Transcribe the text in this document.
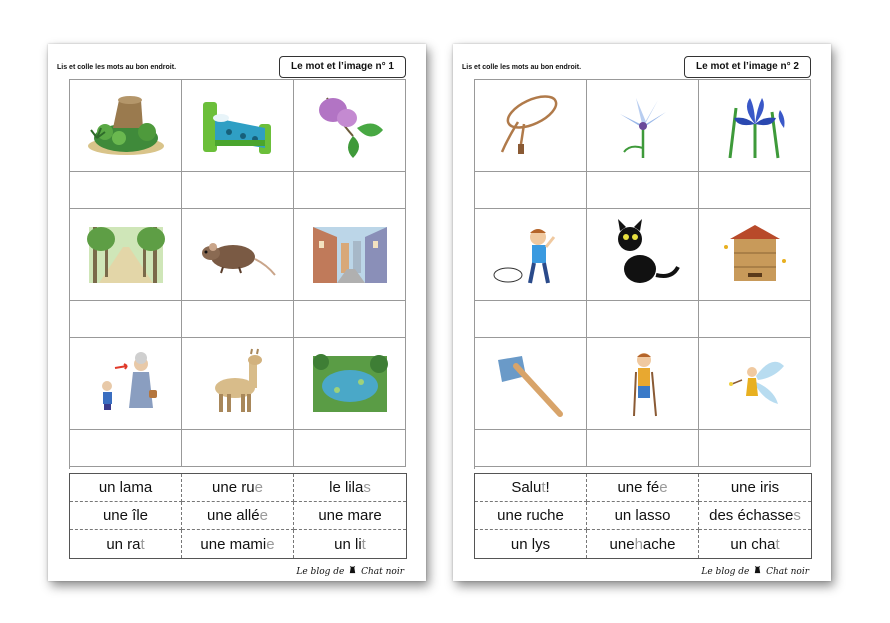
Lis et colle les mots au bon endroit.	Le mot et l’image n° 1
un lama	une ru e	le lila s
une île	une allé e	une mare
un ra t	une mami e	un li t
Le blog de Chat noir
Lis et colle les mots au bon endroit.	Le mot et l’image n° 2
Salu t !	une fé e	une iris
une ruche	un lasso	des échasse s
un lys	une h ache	un cha t
Le blog de Chat noir
